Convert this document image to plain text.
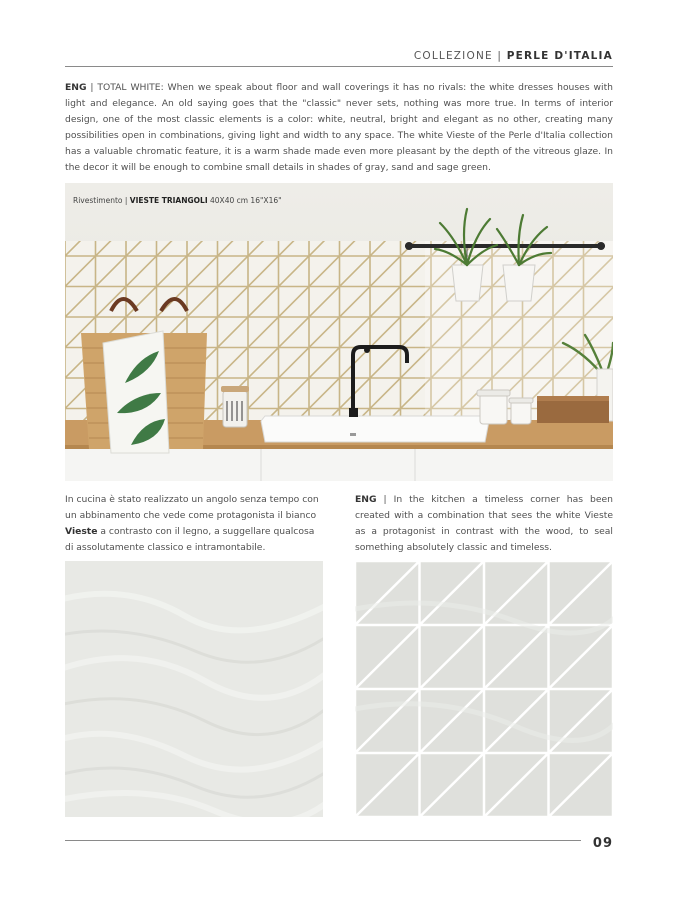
COLLEZIONE | PERLE D'ITALIA

ENG | TOTAL WHITE: When we speak about floor and wall coverings it has no rivals: the white dresses houses with light and elegance. An old saying goes that the "classic" never sets, nothing was more true. In terms of interior design, one of the most classic elements is a color: white, neutral, bright and elegant as no other, creating many possibilities open in combinations, giving light and width to any space. The white Vieste of the Perle d'Italia collection has a valuable chromatic feature, it is a warm shade made even more pleasant by the depth of the vitreous glaze. In the decor it will be enough to combine small details in shades of gray, sand and sage green.

Rivestimento | VIESTE TRIANGOLI 40X40 cm 16"X16"

In cucina è stato realizzato un angolo senza tempo con un abbinamento che vede come protagonista il bianco Vieste a contrasto con il legno, a suggellare qualcosa di assolutamente classico e intramontabile.

ENG | In the kitchen a timeless corner has been created with a combination that sees the white Vieste as a protagonist in contrast with the wood, to seal something absolutely classic and timeless.

09
